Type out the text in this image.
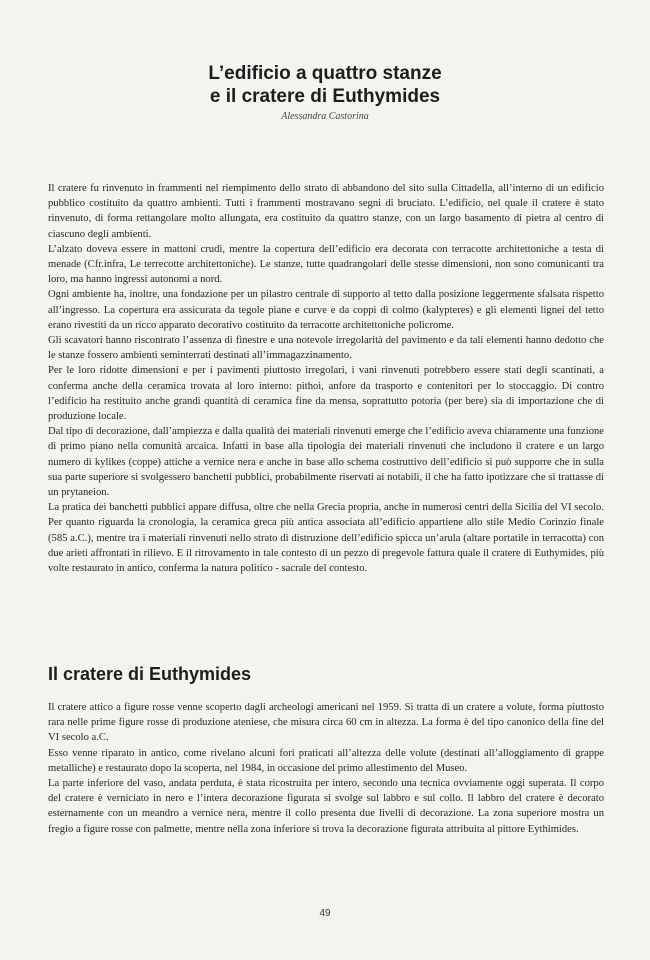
L’edificio a quattro stanze
e il cratere di Euthymides
Alessandra Castorina

Il cratere fu rinvenuto in frammenti nel riempimento dello strato di abbandono del sito sulla Cittadella, all’interno di un edificio pubblico costituito da quattro ambienti. Tutti i frammenti mostravano segni di bruciato. L’edificio, nel quale il cratere è stato rinvenuto, di forma rettangolare molto allungata, era costituito da quattro stanze, con un largo basamento di pietra al centro di ciascuno degli ambienti.

L’alzato doveva essere in mattoni crudi, mentre la copertura dell’edificio era decorata con terracotte architettoniche a testa di menade (Cfr.infra, Le terrecotte architettoniche). Le stanze, tutte quadrangolari delle stesse dimensioni, non sono comunicanti tra loro, ma hanno ingressi autonomi a nord.

Ogni ambiente ha, inoltre, una fondazione per un pilastro centrale di supporto al tetto dalla posizione leggermente sfalsata rispetto all’ingresso. La copertura era assicurata da tegole piane e curve e da coppi di colmo (kalypteres) e gli elementi lignei del tetto erano rivestiti da un ricco apparato decorativo costituito da terracotte architettoniche policrome.

Gli scavatori hanno riscontrato l’assenza di finestre e una notevole irregolarità del pavimento e da tali elementi hanno dedotto che le stanze fossero ambienti seminterrati destinati all’immagazzinamento.

Per le loro ridotte dimensioni e per i pavimenti piuttosto irregolari, i vani rinvenuti potrebbero essere stati degli scantinati, a conferma anche della ceramica trovata al loro interno: pithoi, anfore da trasporto e contenitori per lo stoccaggio. Di contro l’edificio ha restituito anche grandi quantità di ceramica fine da mensa, soprattutto potoria (per bere) sia di importazione che di produzione locale.

Dal tipo di decorazione, dall’ampiezza e dalla qualità dei materiali rinvenuti emerge che l’edificio aveva chiaramente una funzione di primo piano nella comunità arcaica. Infatti in base alla tipologia dei materiali rinvenuti che includono il cratere e un largo numero di kylikes (coppe) attiche a vernice nera e anche in base allo schema costruttivo dell’edificio si può supporre che in sulla sua parte superiore si svolgessero banchetti pubblici, probabilmente riservati ai notabili, il che ha fatto ipotizzare che si trattasse di un prytaneion.

La pratica dei banchetti pubblici appare diffusa, oltre che nella Grecia propria, anche in numerosi centri della Sicilia del VI secolo. Per quanto riguarda la cronologia, la ceramica greca più antica associata all’edificio appartiene allo stile Medio Corinzio finale (585 a.C.), mentre tra i materiali rinvenuti nello strato di distruzione dell’edificio spicca un’arula (altare portatile in terracotta) con due arieti affrontati in rilievo. E il ritrovamento in tale contesto di un pezzo di pregevole fattura quale il cratere di Euthymides, più volte restaurato in antico, conferma la natura politico - sacrale del contesto.

Il cratere di Euthymides

Il cratere attico a figure rosse venne scoperto dagli archeologi americani nel 1959. Si tratta di un cratere a volute, forma piuttosto rara nelle prime figure rosse di produzione ateniese, che misura circa 60 cm in altezza. La forma è del tipo canonico della fine del VI secolo a.C.

Esso venne riparato in antico, come rivelano alcuni fori praticati all’altezza delle volute (destinati all’alloggiamento di grappe metalliche) e restaurato dopo la scoperta, nel 1984, in occasione del primo allestimento del Museo.

La parte inferiore del vaso, andata perduta, è stata ricostruita per intero, secondo una tecnica ovviamente oggi superata. Il corpo del cratere è verniciato in nero e l’intera decorazione figurata si svolge sul labbro e sul collo. Il labbro del cratere è decorato esternamente con un meandro a vernice nera, mentre il collo presenta due livelli di decorazione. La zona superiore mostra un fregio a figure rosse con palmette, mentre nella zona inferiore si trova la decorazione figurata attribuita al pittore Eythimides.

49
